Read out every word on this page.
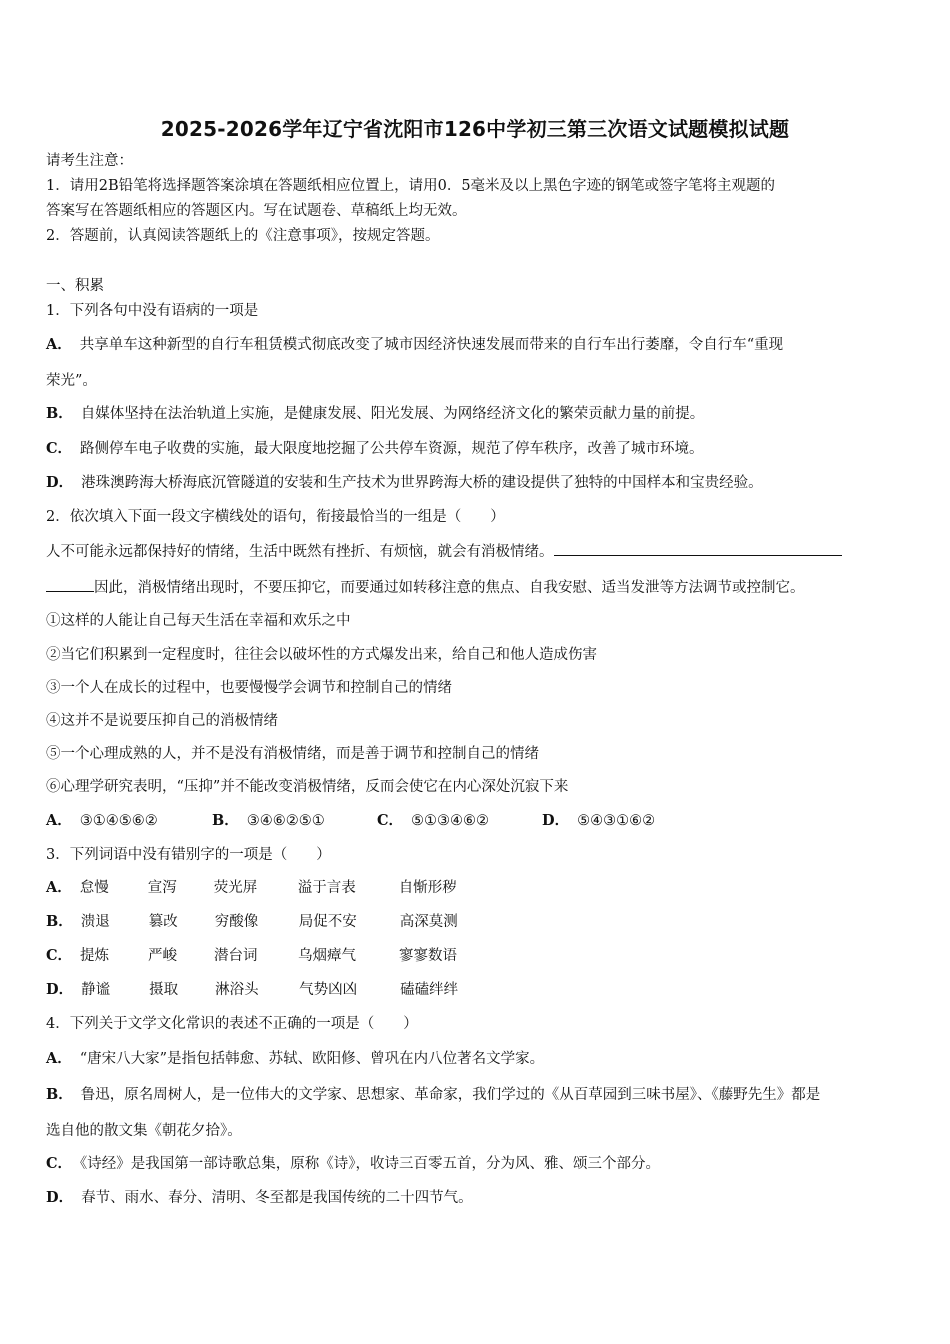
2025-2026学年辽宁省沈阳市126中学初三第三次语文试题模拟试题
请考生注意：
1．请用2B铅笔将选择题答案涂填在答题纸相应位置上，请用0．5毫米及以上黑色字迹的钢笔或签字笔将主观题的
答案写在答题纸相应的答题区内。写在试题卷、草稿纸上均无效。
2．答题前，认真阅读答题纸上的《注意事项》，按规定答题。
一、积累
1．下列各句中没有语病的一项是
A． 共享单车这种新型的自行车租赁模式彻底改变了城市因经济快速发展而带来的自行车出行萎靡，令自行车“重现
荣光”。
B． 自媒体坚持在法治轨道上实施，是健康发展、阳光发展、为网络经济文化的繁荣贡献力量的前提。
C． 路侧停车电子收费的实施，最大限度地挖掘了公共停车资源，规范了停车秩序，改善了城市环境。
D． 港珠澳跨海大桥海底沉管隧道的安装和生产技术为世界跨海大桥的建设提供了独特的中国样本和宝贵经验。
2．依次填入下面一段文字横线处的语句，衔接最恰当的一组是（　　）
人不可能永远都保持好的情绪，生活中既然有挫折、有烦恼，就会有消极情绪。
因此，消极情绪出现时，不要压抑它，而要通过如转移注意的焦点、自我安慰、适当发泄等方法调节或控制它。
①这样的人能让自己每天生活在幸福和欢乐之中
②当它们积累到一定程度时，往往会以破坏性的方式爆发出来，给自己和他人造成伤害
③一个人在成长的过程中，也要慢慢学会调节和控制自己的情绪
④这并不是说要压抑自己的消极情绪
⑤一个心理成熟的人，并不是没有消极情绪，而是善于调节和控制自己的情绪
⑥心理学研究表明，“压抑”并不能改变消极情绪，反而会使它在内心深处沉寂下来
A． ③①④⑤⑥②	B． ③④⑥②⑤①	C． ⑤①③④⑥②	D． ⑤④③①⑥②
3．下列词语中没有错别字的一项是（　　）
A． 怠慢	宣泻	荧光屏	溢于言表	自惭形秽
B． 溃退	篡改	穷酸像	局促不安	高深莫测
C． 提炼	严峻	潜台词	乌烟瘴气	寥寥数语
D． 静谧	摄取	淋浴头	气势凶凶	磕磕绊绊
4．下列关于文学文化常识的表述不正确的一项是（　　）
A． “唐宋八大家”是指包括韩愈、苏轼、欧阳修、曾巩在内八位著名文学家。
B． 鲁迅，原名周树人，是一位伟大的文学家、思想家、革命家，我们学过的《从百草园到三味书屋》、《藤野先生》都是
选自他的散文集《朝花夕拾》。
C． 《诗经》是我国第一部诗歌总集，原称《诗》，收诗三百零五首，分为风、雅、颂三个部分。
D． 春节、雨水、春分、清明、冬至都是我国传统的二十四节气。
